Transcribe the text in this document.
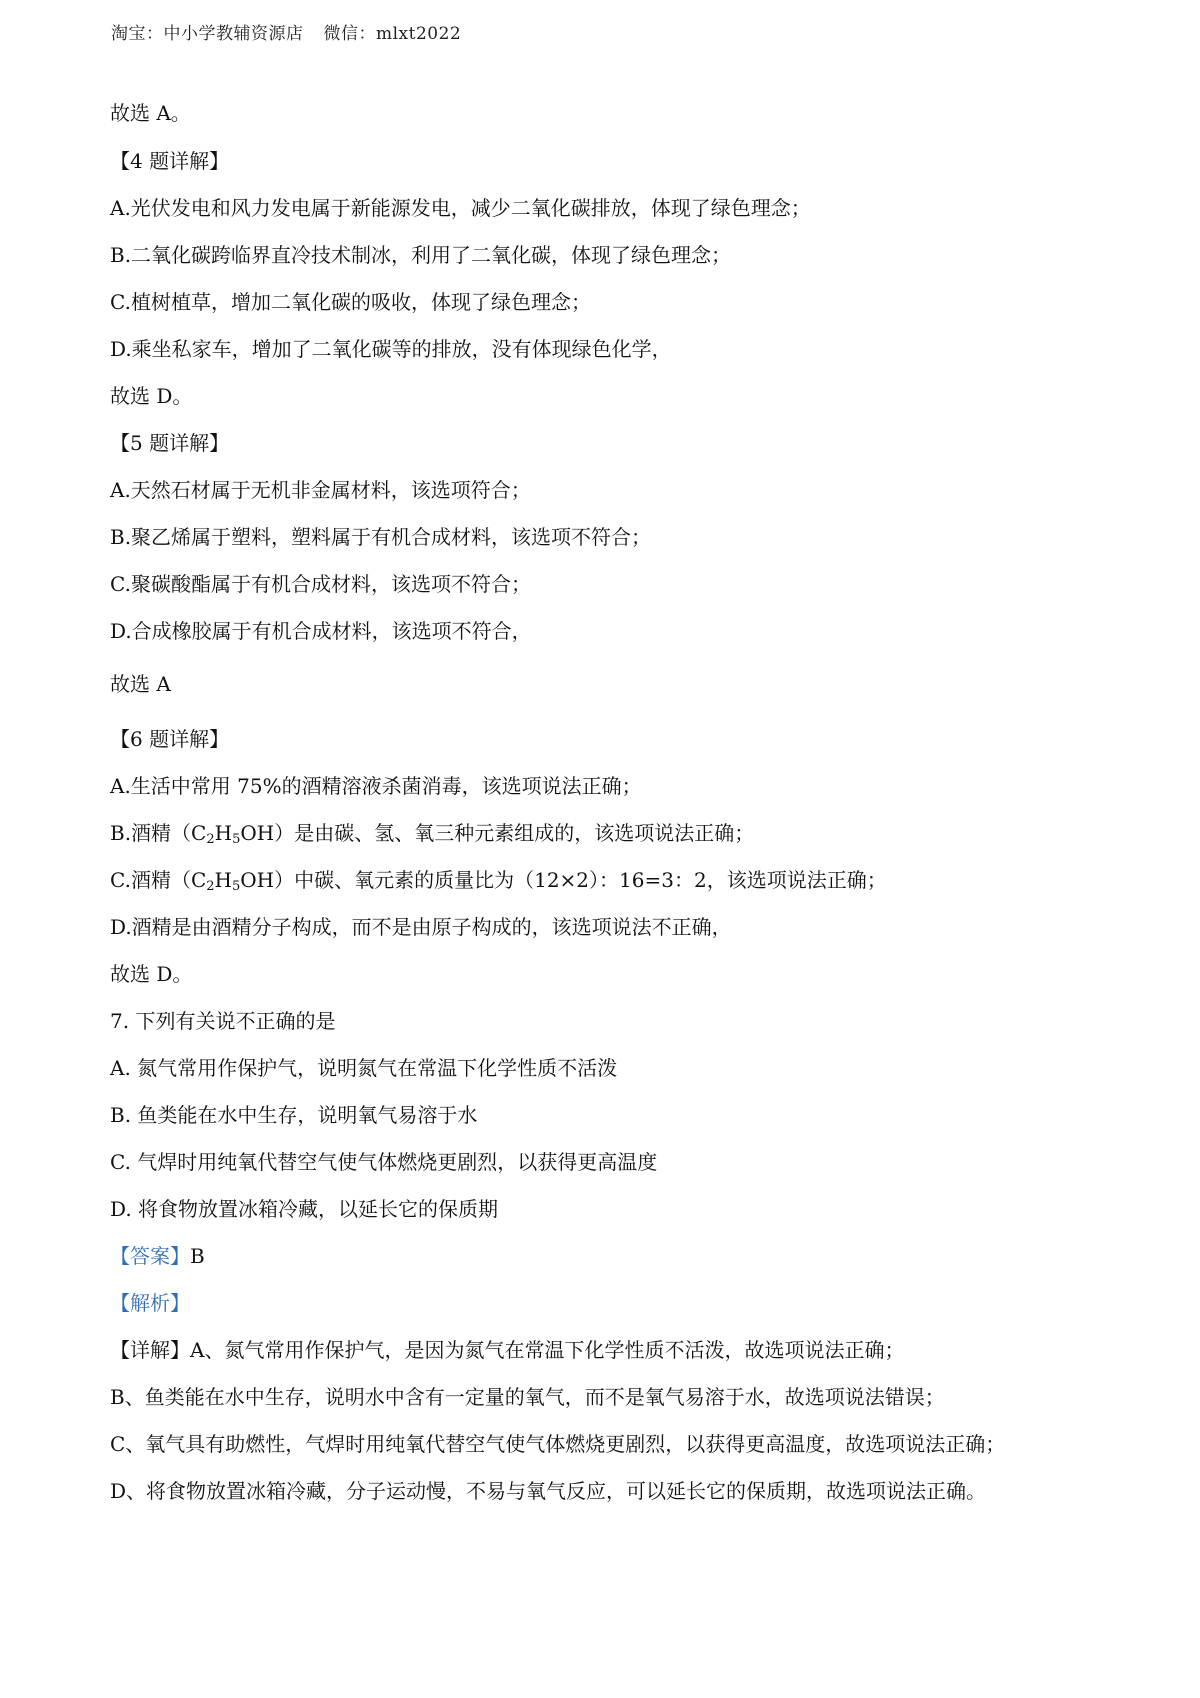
淘宝：中小学教辅资源店 微信：mlxt2022
故选 A。
【4 题详解】
A.光伏发电和风力发电属于新能源发电，减少二氧化碳排放，体现了绿色理念；
B.二氧化碳跨临界直冷技术制冰，利用了二氧化碳，体现了绿色理念；
C.植树植草，增加二氧化碳的吸收，体现了绿色理念；
D.乘坐私家车，增加了二氧化碳等的排放，没有体现绿色化学，
故选 D。
【5 题详解】
A.天然石材属于无机非金属材料，该选项符合；
B.聚乙烯属于塑料，塑料属于有机合成材料，该选项不符合；
C.聚碳酸酯属于有机合成材料，该选项不符合；
D.合成橡胶属于有机合成材料，该选项不符合，
故选 A
【6 题详解】
A.生活中常用 75%的酒精溶液杀菌消毒，该选项说法正确；
B.酒精$(C_2H_5OH)$是由碳、氢、氧三种元素组成的，该选项说法正确；
C.酒精$(C_2H_5OH)$中碳、氧元素的质量比为（12×2）：16=3：2，该选项说法正确；
D.酒精是由酒精分子构成，而不是由原子构成的，该选项说法不正确，
故选 D。
7. 下列有关说不正确的是
A. 氮气常用作保护气，说明氮气在常温下化学性质不活泼
B. 鱼类能在水中生存，说明氧气易溶于水
C. 气焊时用纯氧代替空气使气体燃烧更剧烈，以获得更高温度
D. 将食物放置冰箱冷藏，以延长它的保质期
【答案】B
【解析】
【详解】A、氮气常用作保护气，是因为氮气在常温下化学性质不活泼，故选项说法正确；
B、鱼类能在水中生存，说明水中含有一定量的氧气，而不是氧气易溶于水，故选项说法错误；
C、氧气具有助燃性，气焊时用纯氧代替空气使气体燃烧更剧烈，以获得更高温度，故选项说法正确；
D、将食物放置冰箱冷藏，分子运动慢，不易与氧气反应，可以延长它的保质期，故选项说法正确。
